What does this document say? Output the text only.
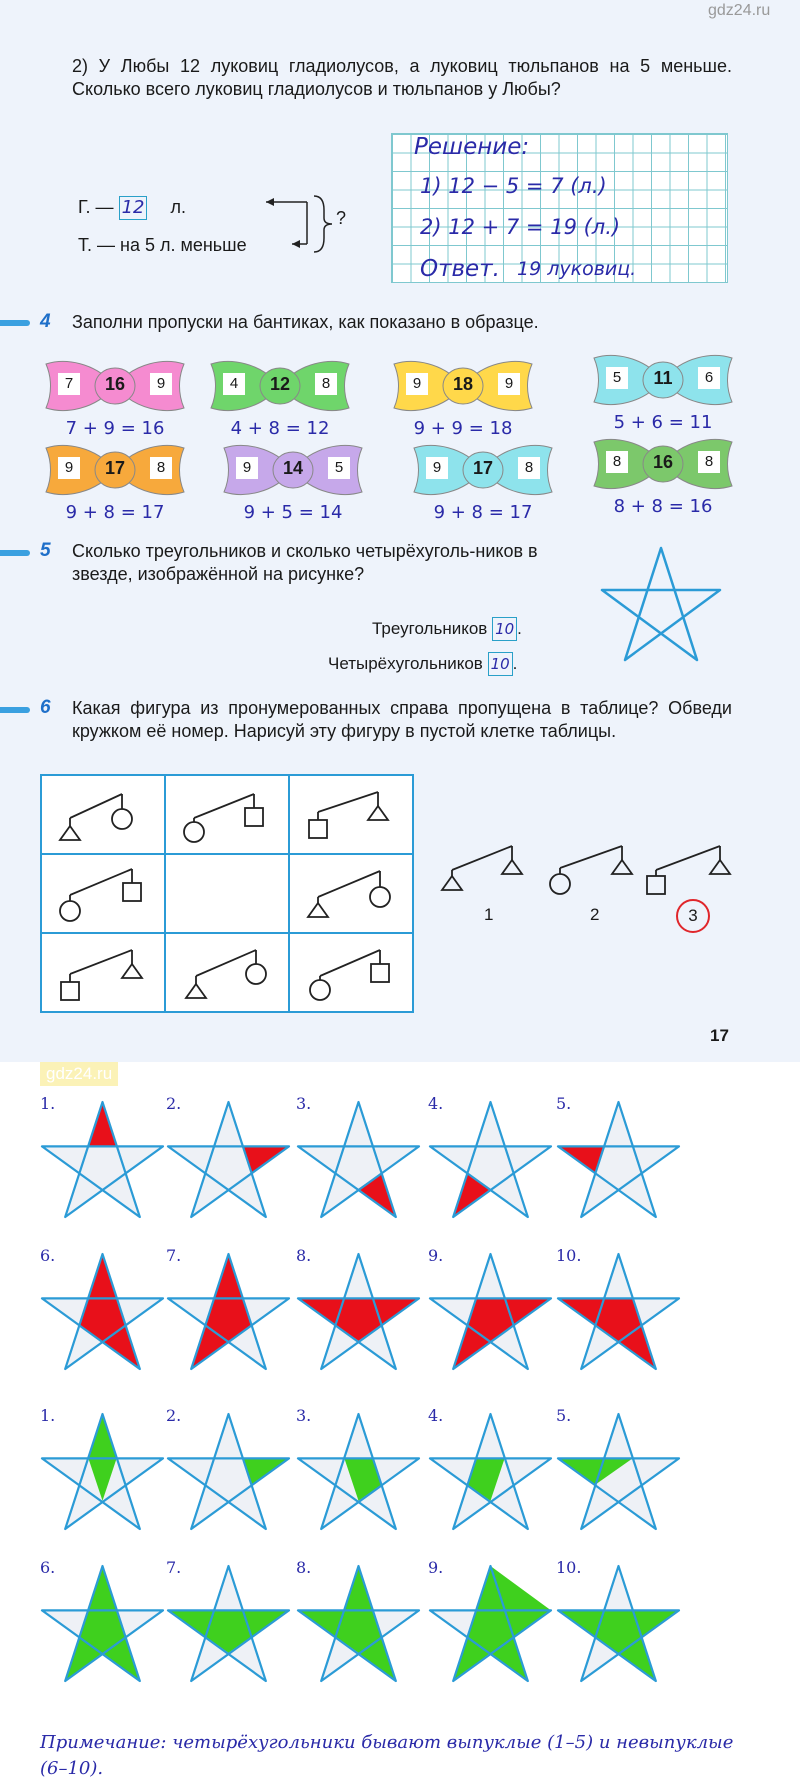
gdz24.ru
2) У Любы 12 луковиц гладиолусов, а луковиц тюльпанов на 5 меньше. Сколько всего луковиц гладиолусов и тюльпанов у Любы?
Г. — 12 л.
Т. — на 5 л. меньше
?
Решение:
1) 12 − 5 = 7 (л.)
2) 12 + 7 = 19 (л.)
Ответ. 19 луковиц.
4	Заполни пропуски на бантиках, как показано в образце.
7	16	9
7 + 9 = 16
4	12	8
4 + 8 = 12
9	18	9
9 + 9 = 18
5	11	6
5 + 6 = 11
9	17	8
9 + 8 = 17
9	14	5
9 + 5 = 14
9	17	8
9 + 8 = 17
8	16	8
8 + 8 = 16
5	Сколько треугольников и сколько четырёхуголь-ников в звезде, изображённой на рисунке?
Треугольников 10 .
Четырёхугольников 10 .
6	Какая фигура из пронумерованных справа пропущена в таблице? Обведи кружком её номер. Нарисуй эту фигуру в пустой клетке таблицы.

1	2	3
17
1.	2.	3.	4.	5.
6.	7.	8.	9.	10.
1.	2.	3.	4.	5.
6.	7.	8.	9.	10.
Примечание: четырёхугольники бывают выпуклые (1–5) и невыпуклые (6–10).
gdz24.ru
